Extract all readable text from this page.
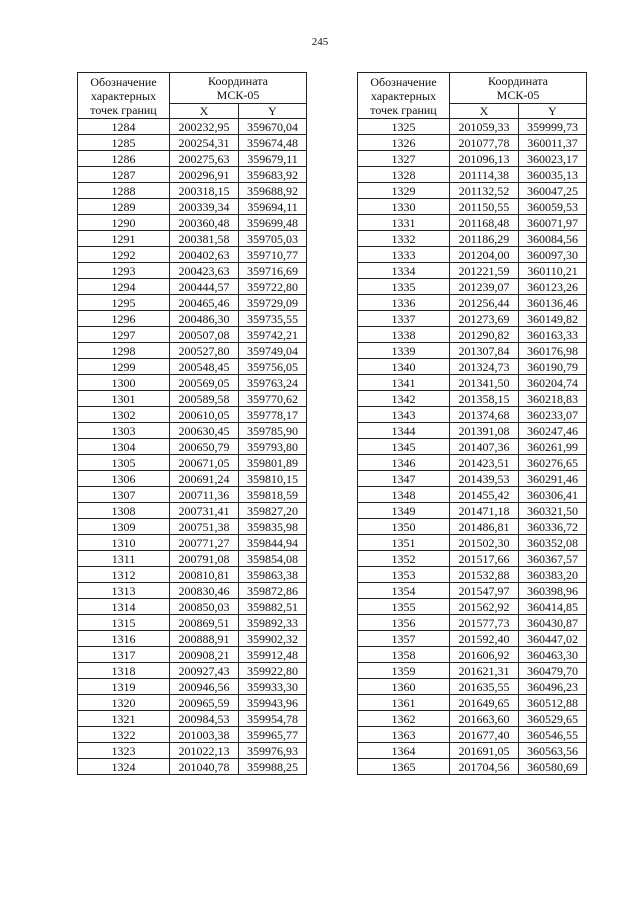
245
Обозначение характерных точек границ	Координата МСК-05	

	X	Y
1284	200232,95	359670,04
1285	200254,31	359674,48
1286	200275,63	359679,11
1287	200296,91	359683,92
1288	200318,15	359688,92
1289	200339,34	359694,11
1290	200360,48	359699,48
1291	200381,58	359705,03
1292	200402,63	359710,77
1293	200423,63	359716,69
1294	200444,57	359722,80
1295	200465,46	359729,09
1296	200486,30	359735,55
1297	200507,08	359742,21
1298	200527,80	359749,04
1299	200548,45	359756,05
1300	200569,05	359763,24
1301	200589,58	359770,62
1302	200610,05	359778,17
1303	200630,45	359785,90
1304	200650,79	359793,80
1305	200671,05	359801,89
1306	200691,24	359810,15
1307	200711,36	359818,59
1308	200731,41	359827,20
1309	200751,38	359835,98
1310	200771,27	359844,94
1311	200791,08	359854,08
1312	200810,81	359863,38
1313	200830,46	359872,86
1314	200850,03	359882,51
1315	200869,51	359892,33
1316	200888,91	359902,32
1317	200908,21	359912,48
1318	200927,43	359922,80
1319	200946,56	359933,30
1320	200965,59	359943,96
1321	200984,53	359954,78
1322	201003,38	359965,77
1323	201022,13	359976,93
1324	201040,78	359988,25
Обозначение характерных точек границ	Координата МСК-05	

	X	Y
1325	201059,33	359999,73
1326	201077,78	360011,37
1327	201096,13	360023,17
1328	201114,38	360035,13
1329	201132,52	360047,25
1330	201150,55	360059,53
1331	201168,48	360071,97
1332	201186,29	360084,56
1333	201204,00	360097,30
1334	201221,59	360110,21
1335	201239,07	360123,26
1336	201256,44	360136,46
1337	201273,69	360149,82
1338	201290,82	360163,33
1339	201307,84	360176,98
1340	201324,73	360190,79
1341	201341,50	360204,74
1342	201358,15	360218,83
1343	201374,68	360233,07
1344	201391,08	360247,46
1345	201407,36	360261,99
1346	201423,51	360276,65
1347	201439,53	360291,46
1348	201455,42	360306,41
1349	201471,18	360321,50
1350	201486,81	360336,72
1351	201502,30	360352,08
1352	201517,66	360367,57
1353	201532,88	360383,20
1354	201547,97	360398,96
1355	201562,92	360414,85
1356	201577,73	360430,87
1357	201592,40	360447,02
1358	201606,92	360463,30
1359	201621,31	360479,70
1360	201635,55	360496,23
1361	201649,65	360512,88
1362	201663,60	360529,65
1363	201677,40	360546,55
1364	201691,05	360563,56
1365	201704,56	360580,69
